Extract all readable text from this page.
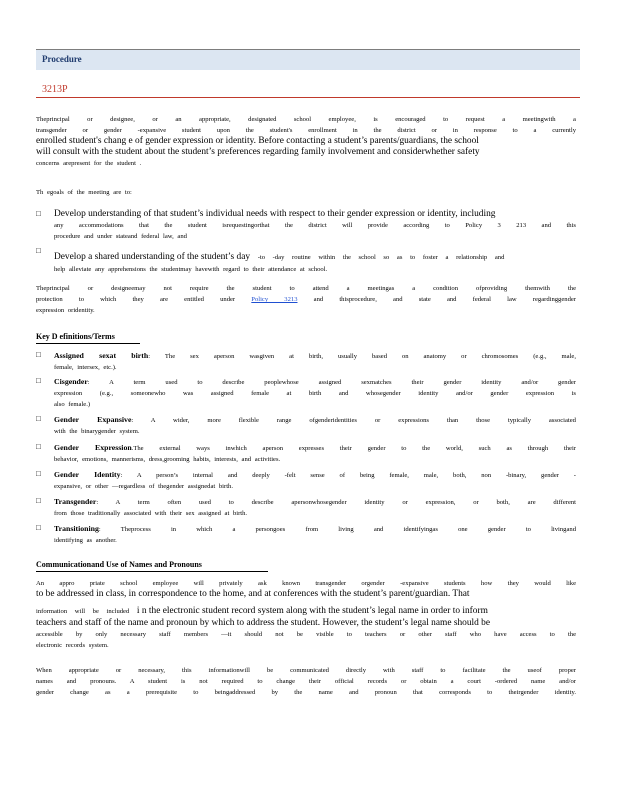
Procedure
3213P
Theprincipal or designee, or an appropriate, designated school employee, is encouraged to request a meetingwith a
transgender or gender -expansive student upon the student's enrollment in the district or in response to a currently
enrolled student's chang e of gender expression or identity. Before contacting a student’s parents/guardians, the school
will consult with the student about the student’s preferences regarding family involvement and considerwhether safety
concerns arepresent for the student .
Th egoals of the meeting are to:
□ Develop understanding of that student’s individual needs with respect to their gender expression or identity, including
any accommodations that the student isrequestingorthat the district will provide according to Policy 3 213 and this
procedure and under stateand federal law, and
□
Develop a shared understanding of the student’s day -to -day routine within the school so as to foster a relationship and
help alleviate any apprehensions the studentmay havewith regard to their attendance at school.
Theprincipal or designeemay not require the student to attend a meetingas a condition ofproviding themwith the
protection to which they are entitled under Policy 3213 and thisprocedure, and state and federal law regardinggender
expression oridentity.
Key D efinitions/Terms
□ Assigned sexat birth: The sex aperson wasgiven at birth, usually based on anatomy or chromosomes (e.g., male,
female, intersex, etc.).
□ Cisgender: A term used to describe peoplewhose assigned sexmatches their gender identity and/or gender
expression (e.g., someonewho was assigned female at birth and whosegender identity and/or gender expression is
also female.)
□ Gender Expansive: A wider, more flexible range ofgenderidentities or expressions than those typically associated
with the binarygender system.
□ Gender Expression.The external ways inwhich aperson expresses their gender to the world, such as through their
behavior, emotions, mannerisms, dress,grooming habits, interests, and activities.
□ Gender Identity: A person’s internal and deeply -felt sense of being female, male, both, non -binary, gender -
expansive, or other —regardless of thegender assignedat birth.
□ Transgender: A term often used to describe apersonwhosegender identity or expression, or both, are different
from those traditionally associated with their sex assigned at birth.
□ Transitioning: Theprocess in which a persongoes from living and identifyingas one gender to livingand
identifying as another.
Communicationand Use of Names and Pronouns
An appro priate school employee will privately ask known transgender orgender -expansive students how they would like
to be addressed in class, in correspondence to the home, and at conferences with the student’s parent/guardian. That
information will be included i n the electronic student record system along with the student’s legal name in order to inform
teachers and staff of the name and pronoun by which to address the student. However, the student’s legal name should be
accessible by only necessary staff members —it should not be visible to teachers or other staff who have access to the
electronic records system.
When appropriate or necessary, this informationwill be communicated directly with staff to facilitate the useof proper
names and pronouns. A student is not required to change their official records or obtain a court -ordered name and/or
gender change as a prerequisite to beingaddressed by the name and pronoun that corresponds to theirgender identity.
